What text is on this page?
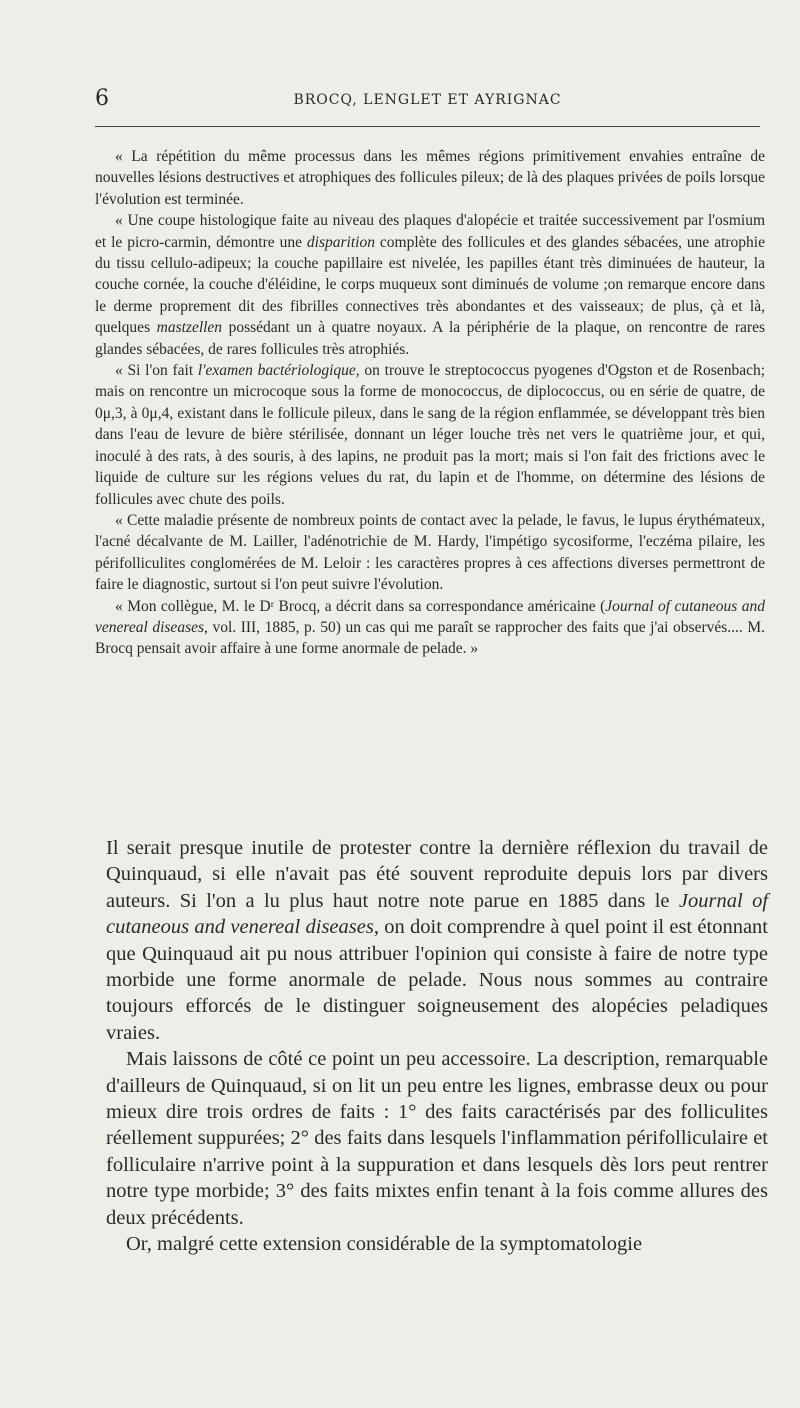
6	BROCQ, LENGLET ET AYRIGNAC

« La répétition du même processus dans les mêmes régions primitivement envahies entraîne de nouvelles lésions destructives et atrophiques des follicules pileux; de là des plaques privées de poils lorsque l'évolution est terminée.

« Une coupe histologique faite au niveau des plaques d'alopécie et traitée successivement par l'osmium et le picro-carmin, démontre une disparition complète des follicules et des glandes sébacées, une atrophie du tissu cellulo-adipeux; la couche papillaire est nivelée, les papilles étant très diminuées de hauteur, la couche cornée, la couche d'éléidine, le corps muqueux sont diminués de volume ;on remarque encore dans le derme proprement dit des fibrilles connectives très abondantes et des vaisseaux; de plus, çà et là, quelques mastzellen possédant un à quatre noyaux. A la périphérie de la plaque, on rencontre de rares glandes sébacées, de rares follicules très atrophiés.

« Si l'on fait l'examen bactériologique, on trouve le streptococcus pyogenes d'Ogston et de Rosenbach; mais on rencontre un microcoque sous la forme de monococcus, de diplococcus, ou en série de quatre, de 0μ,3, à 0μ,4, existant dans le follicule pileux, dans le sang de la région enflammée, se développant très bien dans l'eau de levure de bière stérilisée, donnant un léger louche très net vers le quatrième jour, et qui, inoculé à des rats, à des souris, à des lapins, ne produit pas la mort; mais si l'on fait des frictions avec le liquide de culture sur les régions velues du rat, du lapin et de l'homme, on détermine des lésions de follicules avec chute des poils.

« Cette maladie présente de nombreux points de contact avec la pelade, le favus, le lupus érythémateux, l'acné décalvante de M. Lailler, l'adénotrichie de M. Hardy, l'impétigo sycosiforme, l'eczéma pilaire, les périfolliculites conglomérées de M. Leloir : les caractères propres à ces affections diverses permettront de faire le diagnostic, surtout si l'on peut suivre l'évolution.

« Mon collègue, M. le Dʳ Brocq, a décrit dans sa correspondance américaine (Journal of cutaneous and venereal diseases, vol. III, 1885, p. 50) un cas qui me paraît se rapprocher des faits que j'ai observés.... M. Brocq pensait avoir affaire à une forme anormale de pelade. »

Il serait presque inutile de protester contre la dernière réflexion du travail de Quinquaud, si elle n'avait pas été souvent reproduite depuis lors par divers auteurs. Si l'on a lu plus haut notre note parue en 1885 dans le Journal of cutaneous and venereal diseases, on doit comprendre à quel point il est étonnant que Quinquaud ait pu nous attribuer l'opinion qui consiste à faire de notre type morbide une forme anormale de pelade. Nous nous sommes au contraire toujours efforcés de le distinguer soigneusement des alopécies peladiques vraies.

Mais laissons de côté ce point un peu accessoire. La description, remarquable d'ailleurs de Quinquaud, si on lit un peu entre les lignes, embrasse deux ou pour mieux dire trois ordres de faits : 1° des faits caractérisés par des folliculites réellement suppurées; 2° des faits dans lesquels l'inflammation périfolliculaire et folliculaire n'arrive point à la suppuration et dans lesquels dès lors peut rentrer notre type morbide; 3° des faits mixtes enfin tenant à la fois comme allures des deux précédents.

Or, malgré cette extension considérable de la symptomatologie
